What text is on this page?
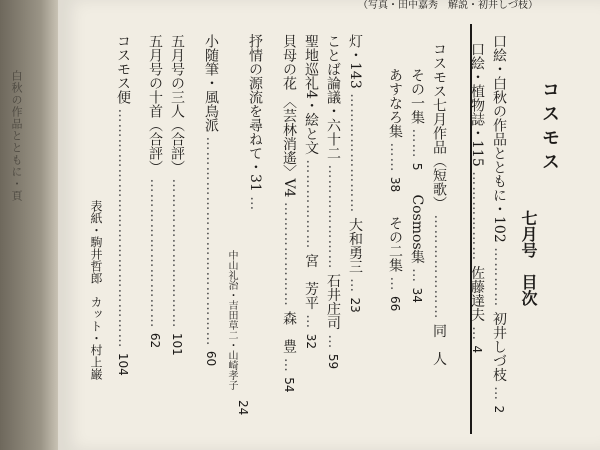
白秋の作品とともに・頁
（写真・田中嘉秀　解説・初井しづ枝）
コスモス
七月号　目次
口絵・白秋の作品とともに・102 ………… 初井しづ枝 … 2
口絵・植物誌・115 ……………… 佐藤達夫 … 4
コスモス七月作品（短歌） ………………… 同　人
その一集 …… 5 　 Cosmos集 … 34
あすなろ集 …… 38 　 その二集 … 66
灯・143 …………………… 大和勇三 … 23
ことば論議・六十二 ………………… 石井庄司 … 59
聖地巡礼4・絵と文 ……………… 宮　芳平 … 32
貝母の花 〈芸林消遙〉V4 ………………… 森　豊 … 54
抒情の源流を尋ねて・31 …
中山礼治・吉田草二・山崎孝子
24
小随筆・風鳥派 …………………………………… 60
五月号の三人（合評） ………………………… 101
五月号の十首（合評） ………………………… 62
コスモス便 ………………………………………… 104
表紙・駒井哲郎　カット・村上巌
